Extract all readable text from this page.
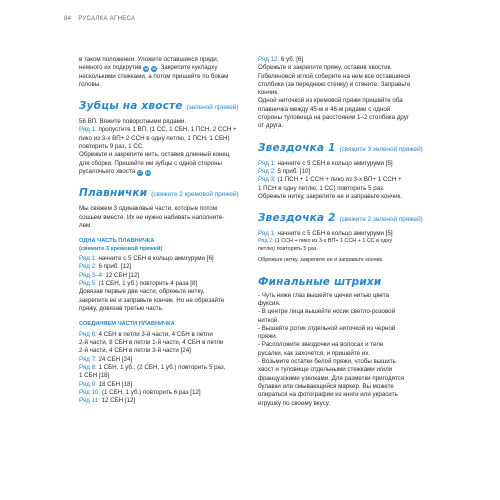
84 РУСАЛКА АГНЕСА

в таком положении. Уложите оставшиеся пряди,

немного их подкрутив 15 16. Закрепите кукладху

несколькими стежками, а потом пришейте по бокам

головы.

Зубцы на хвосте (зеленой пряжей)

56 ВП. Вяжите поворотными рядами.

Ряд 1: пропустите 1 ВП, (1 СС, 1 СБН, 1 ПСН, 2 ССН +

пико из 3-х ВП+ 2 ССН в одну петлю, 1 ПСН, 1 СБН)

повторить 9 раз, 1 СС.

Обрежьте и закрепите нить, оставив длинный конец

для сборки. Пришейте им зубцы с одной стороны

русалочьего хвоста 17 18

Плавнички (свяжите 2 кремовой пряжей)

Мы свяжем 3 одинаковые части, которые потом

сошьем вместе. Их не нужно набивать наполните-

лем.

ОДНА ЧАСТЬ ПЛАВНИЧКА

(свяжите 3 кремовой пряжей)

Ряд 1: начните с 5 СБН в кольцо амигуруми [6]

Ряд 2: 6 приб. [12]

Ряд 3–4: 12 СБН [12]

Ряд 5: (1 СБН, 1 уб.) повторить 4 раза [8]

Довязав первые две части, обрежьте нитку,

закрепите ее и заправьте кончик. Но не обрезайте

пряжу, довязав третью часть.

СОЕДИНЯЕМ ЧАСТИ ПЛАВНИЧКА

Ряд 6: 4 СБН в петли 3-й части, 4 СБН в петли

2-й части, 8 СБН в петли 1-й части, 4 СБН в петли

2-й части, 4 СБН в петли 3-й части [24]

Ряд 7: 24 СБН [24]

Ряд 8: 1 СБН, 1 уб., (2 СБН, 1 уб.) повторить 5 раз,

1 СБН [18]

Ряд 9: 18 СБН [18]

Ряд 10: (1 СБН, 1 уб.) повторить 6 раз [12]

Ряд 11: 12 СБН [12]

Ряд 12: 6 уб. [6]

Обрежьте и закрепите пряжу, оставив хвостик.

Гобеленовой иглой соберите на нем все оставшиеся

столбики (за переднюю стенку) и стяните. Заправьте

кончик.

Одной ниточкой из кремовой пряжи пришейте оба

плавничка между 45-м и 46-м рядами с одной

стороны туловища на расстоянии 1–2 столбика друг

от друга.

Звездочка 1 (свяжите 3 зеленой пряжей)

Ряд 1: начните с 5 СБН в кольцо амигуруми [5]

Ряд 2: 5 приб. [10]

Ряд 3: (1 ПСН + 1 ССН + пико из 3-х ВП+ 1 ССН +

1 ПСН в одну петлю, 1 СС) повторить 5 раз.

Обрежьте нитку, закрепите ее и заправьте кончик.

Звездочка 2 (свяжите 2 зеленой пряжей)

Ряд 1: начните с 5 СБН в кольцо амигуруми [5]

Ряд 2: (1 ССН + пико из 3-х ВП+ 1 ССН + 1 СС в одну

петлю) повторить 5 раз.

Обрежьте нитку, закрепите ее и заправьте кончик.

Финальные штрихи

- Чуть ниже глаз вышейте щечки нитью цвета

фуксия.

- В центре лица вышейте носик светло-розовой

ниткой.

- Вышейте ротик отдельной ниточкой из черной

пряжи.

- Расположите звездочки на волосах и теле

русалки, как захочется, и пришейте их.

- Возьмите остатки белой пряжи, чтобы вышить

хвост и туловище отдельными стежками и/или

французскими узелками. Для разметки пригодятся

булавки или смывающийся маркер. Вы можете

опираться на фотографии из книги или украсить

игрушку по своему вкусу.
